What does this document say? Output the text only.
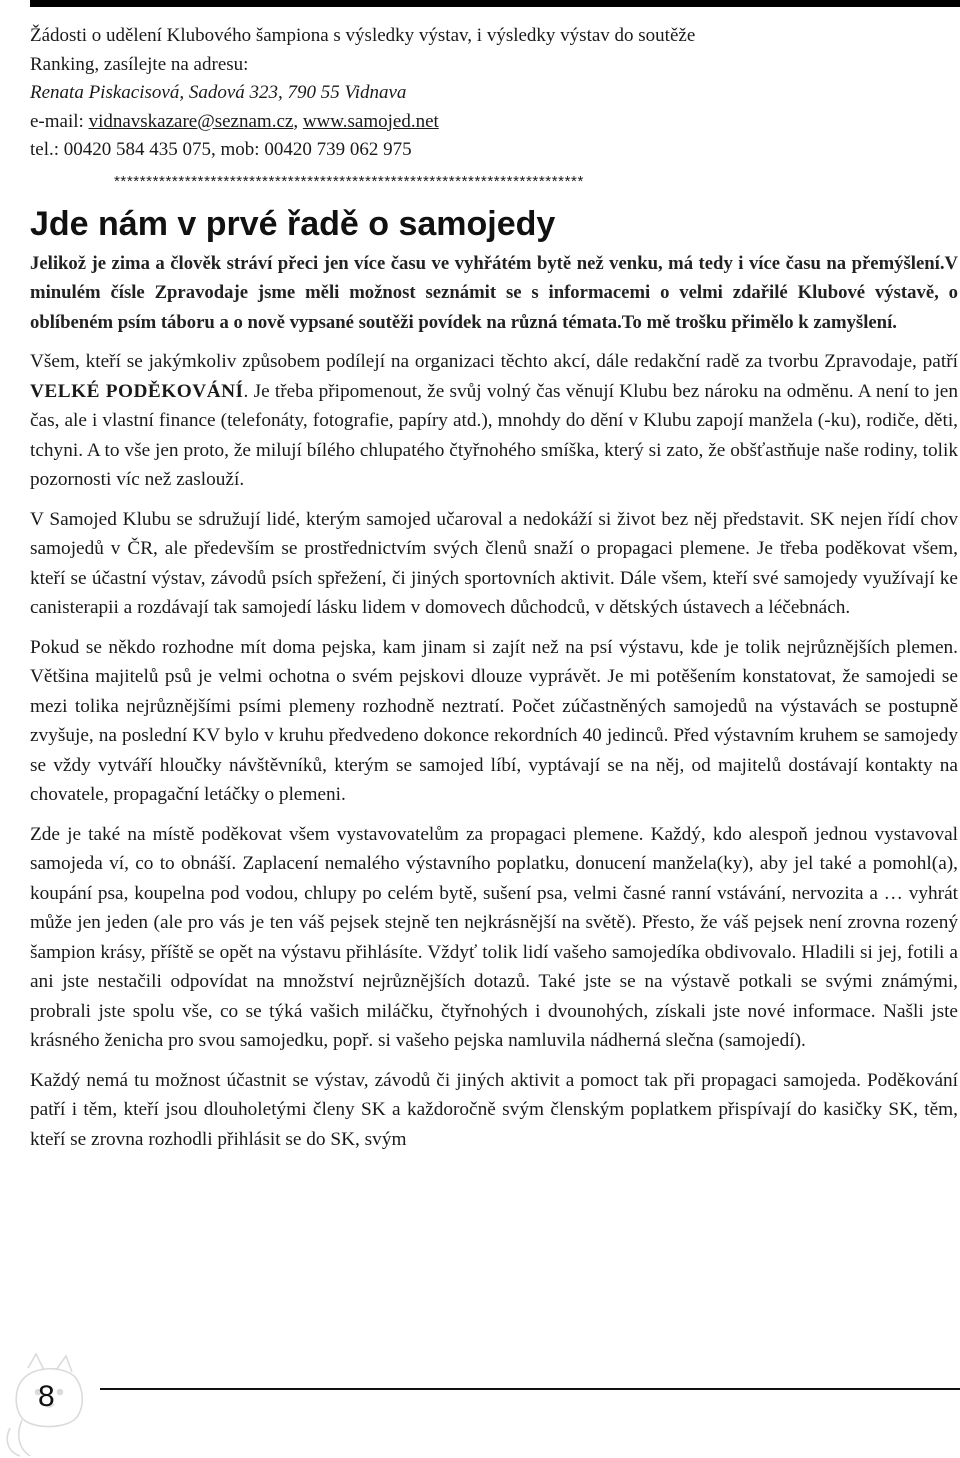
Žádosti o udělení Klubového šampiona s výsledky výstav, i výsledky výstav do soutěže
Ranking, zasílejte na adresu:
Renata Piskacisová, Sadová 323, 790 55 Vidnava
e-mail: vidnavskazare@seznam.cz, www.samojed.net
tel.: 00420 584 435 075, mob: 00420 739 062 975
*************************************************************************
Jde nám v prvé řadě o samojedy

Jelikož je zima a člověk stráví přeci jen více času ve vyhřátém bytě než venku, má tedy i více času na přemýšlení.V minulém čísle Zpravodaje jsme měli možnost seznámit se s informacemi o velmi zdařilé Klubové výstavě, o oblíbeném psím táboru a o nově vypsané soutěži povídek na různá témata.To mě trošku přimělo k zamyšlení.

Všem, kteří se jakýmkoliv způsobem podílejí na organizaci těchto akcí, dále redakční radě za tvorbu Zpravodaje, patří VELKÉ PODĚKOVÁNÍ. Je třeba připomenout, že svůj volný čas věnují Klubu bez nároku na odměnu. A není to jen čas, ale i vlastní finance (telefonáty, fotografie, papíry atd.), mnohdy do dění v Klubu zapojí manžela (-ku), rodiče, děti, tchyni. A to vše jen proto, že milují bílého chlupatého čtyřnohého smíška, který si zato, že obšťastňuje naše rodiny, tolik pozornosti víc než zaslouží.

V Samojed Klubu se sdružují lidé, kterým samojed učaroval a nedokáží si život bez něj představit. SK nejen řídí chov samojedů v ČR, ale především se prostřednictvím svých členů snaží o propagaci plemene. Je třeba poděkovat všem, kteří se účastní výstav, závodů psích spřežení, či jiných sportovních aktivit. Dále všem, kteří své samojedy využívají ke canisterapii a rozdávají tak samojedí lásku lidem v domovech důchodců, v dětských ústavech a léčebnách.

Pokud se někdo rozhodne mít doma pejska, kam jinam si zajít než na psí výstavu, kde je tolik nejrůznějších plemen. Většina majitelů psů je velmi ochotna o svém pejskovi dlouze vyprávět. Je mi potěšením konstatovat, že samojedi se mezi tolika nejrůznějšími psími plemeny rozhodně neztratí. Počet zúčastněných samojedů na výstavách se postupně zvyšuje, na poslední KV bylo v kruhu předvedeno dokonce rekordních 40 jedinců. Před výstavním kruhem se samojedy se vždy vytváří hloučky návštěvníků, kterým se samojed líbí, vyptávají se na něj, od majitelů dostávají kontakty na chovatele, propagační letáčky o plemeni.

Zde je také na místě poděkovat všem vystavovatelům za propagaci plemene. Každý, kdo alespoň jednou vystavoval samojeda ví, co to obnáší. Zaplacení nemalého výstavního poplatku, donucení manžela(ky), aby jel také a pomohl(a), koupání psa, koupelna pod vodou, chlupy po celém bytě, sušení psa, velmi časné ranní vstávání, nervozita a … vyhrát může jen jeden (ale pro vás je ten váš pejsek stejně ten nejkrásnější na světě). Přesto, že váš pejsek není zrovna rozený šampion krásy, příště se opět na výstavu přihlásíte. Vždyť tolik lidí vašeho samojedíka obdivovalo. Hladili si jej, fotili a ani jste nestačili odpovídat na množství nejrůznějších dotazů. Také jste se na výstavě potkali se svými známými, probrali jste spolu vše, co se týká vašich miláčku, čtyřnohých i dvounohých, získali jste nové informace. Našli jste krásného ženicha pro svou samojedku, popř. si vašeho pejska namluvila nádherná slečna (samojedí).

Každý nemá tu možnost účastnit se výstav, závodů či jiných aktivit a pomoct tak při propagaci samojeda. Poděkování patří i těm, kteří jsou dlouholetými členy SK a každoročně svým členským poplatkem přispívají do kasičky SK, těm, kteří se zrovna rozhodli přihlásit se do SK, svým

8
